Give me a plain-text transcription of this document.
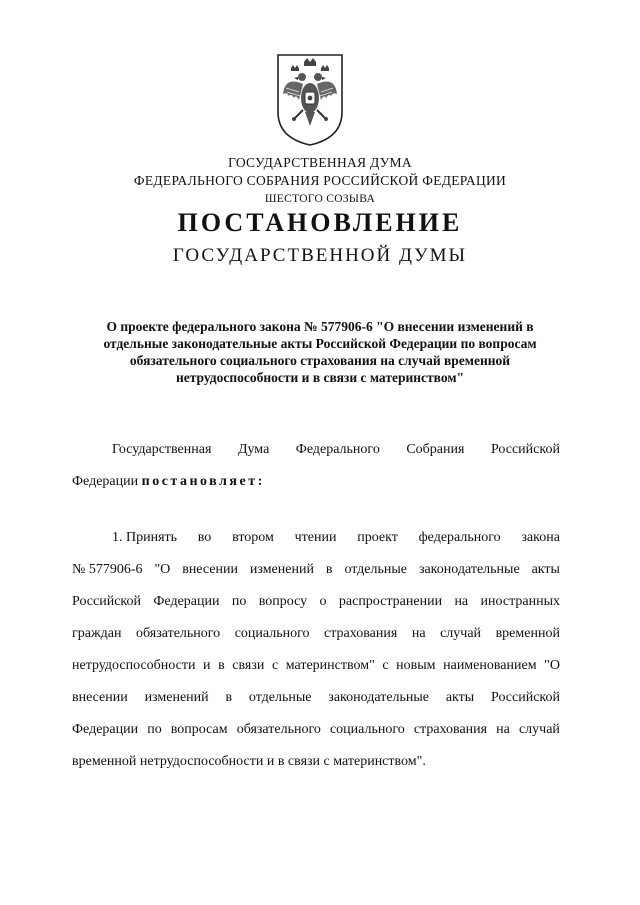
ГОСУДАРСТВЕННАЯ ДУМА
ФЕДЕРАЛЬНОГО СОБРАНИЯ РОССИЙСКОЙ ФЕДЕРАЦИИ
ШЕСТОГО СОЗЫВА
ПОСТАНОВЛЕНИЕ
ГОСУДАРСТВЕННОЙ ДУМЫ
О проекте федерального закона № 577906-6 "О внесении изменений в
отдельные законодательные акты Российской Федерации по вопросам
обязательного социального страхования на случай временной
нетрудоспособности и в связи с материнством"
Государственная Дума Федерального Собрания Российской
Федерации
постановляет:
1. Принять во втором чтении проект федерального закона
№ 577906-6 "О внесении изменений в отдельные законодательные акты
Российской Федерации по вопросу о распространении на иностранных
граждан обязательного социального страхования на случай временной
нетрудоспособности и в связи с материнством" с новым наименованием "О
внесении изменений в отдельные законодательные акты Российской
Федерации по вопросам обязательного социального страхования на случай
временной нетрудоспособности и в связи с материнством".
